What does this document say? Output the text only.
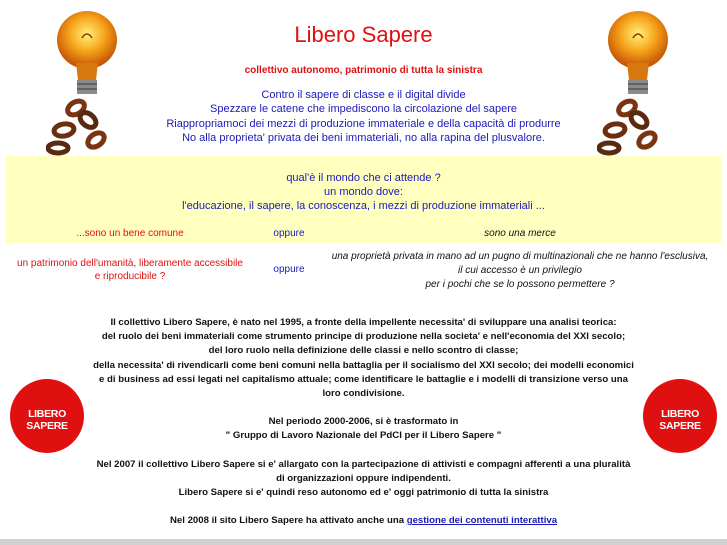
Libero Sapere
collettivo autonomo, patrimonio di tutta la sinistra
Contro il sapere di classe e il digital divide
Spezzare le catene che impediscono la circolazione del sapere
Riappropriamoci dei mezzi di produzione immateriale e della capacità di produrre
No alla proprieta' privata dei beni immateriali, no alla rapina del plusvalore.
qual'è il mondo che ci attende ?
un mondo dove:
l'educazione, il sapere, la conoscenza, i mezzi di produzione immateriali ...
...sono un bene comune	oppure	sono una merce
un patrimonio dell'umanità, liberamente accessibile
e riproducibile ?
oppure
una proprietà privata in mano ad un pugno di multinazionali che ne hanno l'esclusiva,
il cui accesso è un privilegio
per i pochi che se lo possono permettere ?
LIBERO SAPERE
LIBERO SAPERE

Il collettivo Libero Sapere, è nato nel 1995, a fronte della impellente necessita' di sviluppare una analisi teorica:

del ruolo dei beni immateriali come strumento principe di produzione nella societa' e nell'economia del XXI secolo;

del loro ruolo nella definizione delle classi e nello scontro di classe;

della necessita' di rivendicarli come beni comuni nella battaglia per il socialismo del XXI secolo; dei modelli economici

e di business ad essi legati nel capitalismo attuale; come identificare le battaglie e i modelli di transizione verso una

loro condivisione.

Nel periodo 2000-2006, si è trasformato in

" Gruppo di Lavoro Nazionale del PdCI per il Libero Sapere "

Nel 2007 il collettivo Libero Sapere si e' allargato con la partecipazione di attivisti e compagni afferenti a una pluralità

di organizzazioni oppure indipendenti.

Libero Sapere si e' quindi reso autonomo ed e' oggi patrimonio di tutta la sinistra

Nel 2008 il sito Libero Sapere ha attivato anche una gestione dei contenuti interattiva
